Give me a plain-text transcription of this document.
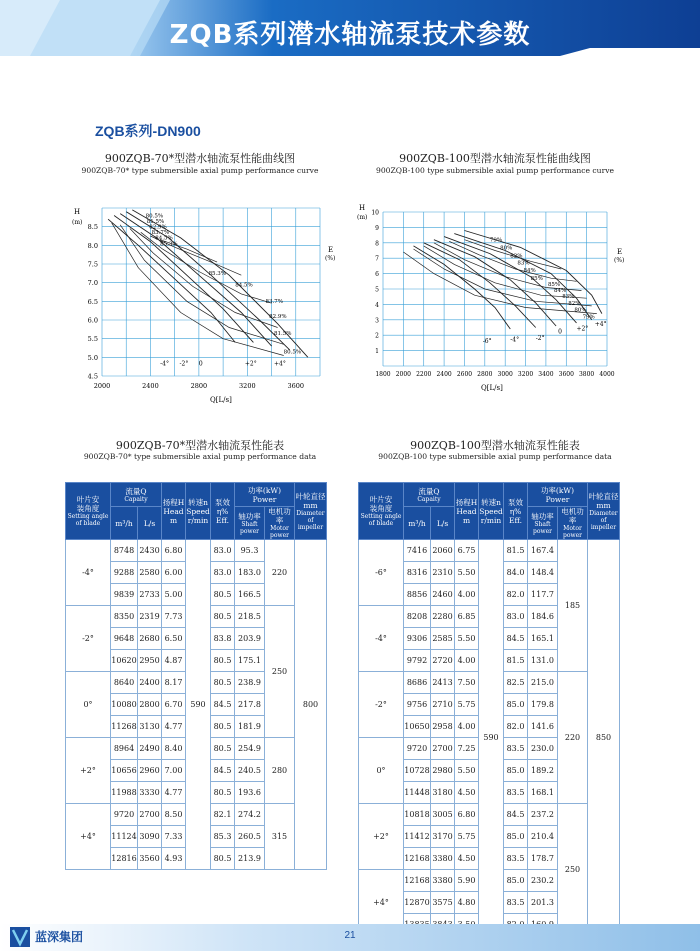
ZQB系列潜水轴流泵技术参数
ZQB系列-DN900
900ZQB-70*型潜水轴流泵性能曲线图
900ZQB-70* type submersible axial pump performance curve
900ZQB-100型潜水轴流泵性能曲线图
900ZQB-100 type submersible axial pump performance curve
2000	2400	2800	3200	3600
4.5
5.0
5.5
6.0
6.5
7.0
7.5
8.0
8.5
80.5%
81.5%
82.9%
83.7%
84.5%
85.3%
85.3%
84.5%
83.7%
82.9%
81.5%
80.5%
-4° -2° 0	+2°	+4°
H
(m)
E
(%)
Q[L/s]
1800 2000 2200 2400 2600 2800 3000 3200 3400 3600 3800 4000
1
2
3
4
5
6
7
8
9
10
79%
80%
82%
83%
84%
85%
85%
84%
83%
82%
80%
79%
-6°	-4°	-2°
0 +2°
+4°
H
(m)
E
(%)
Q[L/s]
900ZQB-70*型潜水轴流泵性能表
900ZQB-70* type submersible axial pump performance data
900ZQB-100型潜水轴流泵性能表
900ZQB-100 type submersible axial pump performance data
叶片安
装角度
Setting angle
of blade	流量Q
Capaity		扬程H
Head
m	转速n
Speed
r/min	泵效
η%
Eff.	功率(kW)
Power		叶轮直径
mm
Diameter
of impeller

	m³/h	L/s				轴功率
Shaft power	电机功率
Motor power	

-4°	8748	2430	6.80	590	83.0	95.3	220	800
	9288	2580	6.00		83.0	183.0		
	9839	2733	5.00		80.5	166.5		
-2°	8350	2319	7.73		80.5	218.5	250	
	9648	2680	6.50		83.8	203.9		
	10620	2950	4.87		80.5	175.1		
0°	8640	2400	8.17		80.5	238.9		
	10080	2800	6.70		84.5	217.8		
	11268	3130	4.77		80.5	181.9		
+2°	8964	2490	8.40		80.5	254.9	280	
	10656	2960	7.00		84.5	240.5		
	11988	3330	4.77		80.5	193.6		
+4°	9720	2700	8.50		82.1	274.2	315	
	11124	3090	7.33		85.3	260.5		
	12816	3560	4.93		80.5	213.9		
叶片安
装角度
Setting angle
of blade	流量Q
Capaity		扬程H
Head
m	转速n
Speed
r/min	泵效
η%
Eff.	功率(kW)
Power		叶轮直径
mm
Diameter
of impeller

	m³/h	L/s				轴功率
Shaft power	电机功率
Motor power	

-6°	7416	2060	6.75	590	81.5	167.4	185	850
	8316	2310	5.50		84.0	148.4		
	8856	2460	4.00		82.0	117.7		
-4°	8208	2280	6.85		83.0	184.6		
	9306	2585	5.50		84.5	165.1		
	9792	2720	4.00		81.5	131.0		
-2°	8686	2413	7.50		82.5	215.0	220	
	9756	2710	5.75		85.0	179.8		
	10650	2958	4.00		82.0	141.6		
0°	9720	2700	7.25		83.5	230.0		
	10728	2980	5.50		85.0	189.2		
	11448	3180	4.50		83.5	168.1		
+2°	10818	3005	6.80		84.5	237.2	250	
	11412	3170	5.75		85.0	210.4		
	12168	3380	4.50		83.5	178.7		
+4°	12168	3380	5.90		85.0	230.2		
	12870	3575	4.80		83.5	201.3		

蓝深集团	21
